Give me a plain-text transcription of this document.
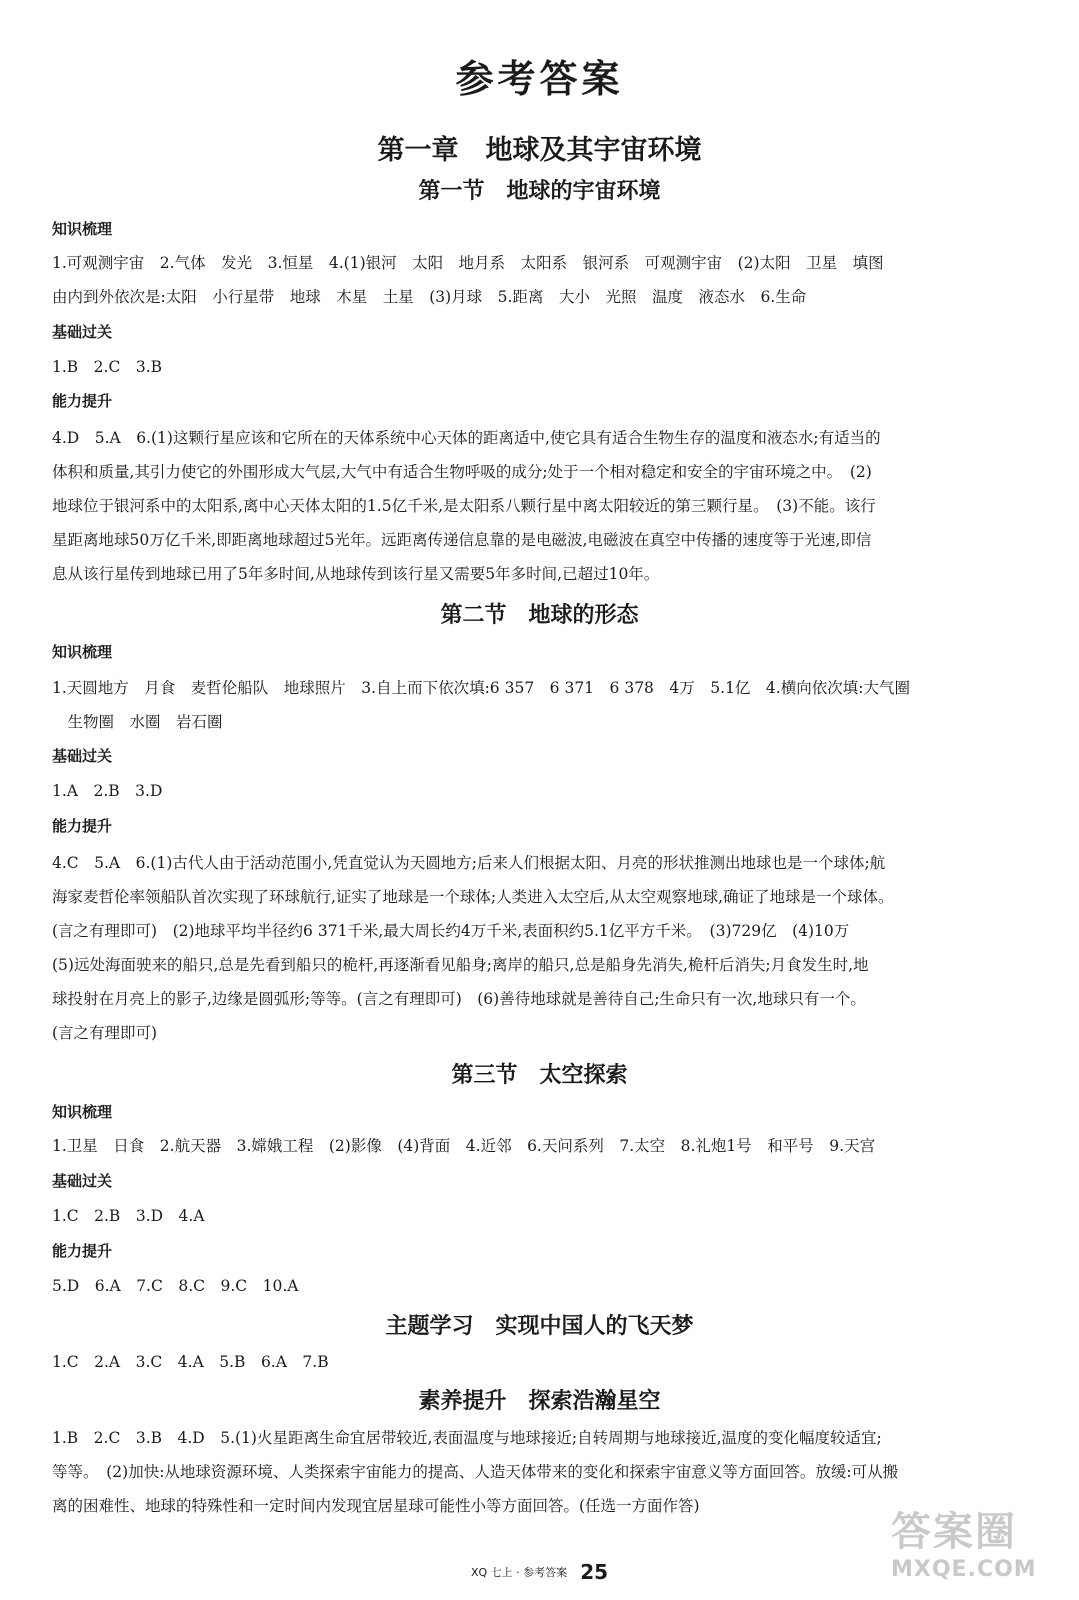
参考答案
第一章　地球及其宇宙环境
第一节　地球的宇宙环境
知识梳理
1.可观测宇宙　2.气体　发光　3.恒星　4.(1)银河　太阳　地月系　太阳系　银河系　可观测宇宙　(2)太阳　卫星　填图
由内到外依次是:太阳　小行星带　地球　木星　土星　(3)月球　5.距离　大小　光照　温度　液态水　6.生命
基础过关
1.B　2.C　3.B
能力提升
4.D　5.A　6.(1)这颗行星应该和它所在的天体系统中心天体的距离适中,使它具有适合生物生存的温度和液态水;有适当的
体积和质量,其引力使它的外围形成大气层,大气中有适合生物呼吸的成分;处于一个相对稳定和安全的宇宙环境之中。　(2)
地球位于银河系中的太阳系,离中心天体太阳的1.5亿千米,是太阳系八颗行星中离太阳较近的第三颗行星。　(3)不能。该行
星距离地球50万亿千米,即距离地球超过5光年。远距离传递信息靠的是电磁波,电磁波在真空中传播的速度等于光速,即信
息从该行星传到地球已用了5年多时间,从地球传到该行星又需要5年多时间,已超过10年。
第二节　地球的形态
知识梳理
1.天圆地方　月食　麦哲伦船队　地球照片　3.自上而下依次填:6 357　6 371　6 378　4万　5.1亿　4.横向依次填:大气圈
　生物圈　水圈　岩石圈
基础过关
1.A　2.B　3.D
能力提升
4.C　5.A　6.(1)古代人由于活动范围小,凭直觉认为天圆地方;后来人们根据太阳、月亮的形状推测出地球也是一个球体;航
海家麦哲伦率领船队首次实现了环球航行,证实了地球是一个球体;人类进入太空后,从太空观察地球,确证了地球是一个球体。
(言之有理即可)　(2)地球平均半径约6 371千米,最大周长约4万千米,表面积约5.1亿平方千米。　(3)729亿　(4)10万
(5)远处海面驶来的船只,总是先看到船只的桅杆,再逐渐看见船身;离岸的船只,总是船身先消失,桅杆后消失;月食发生时,地
球投射在月亮上的影子,边缘是圆弧形;等等。(言之有理即可)　(6)善待地球就是善待自己;生命只有一次,地球只有一个。
(言之有理即可)
第三节　太空探索
知识梳理
1.卫星　日食　2.航天器　3.嫦娥工程　(2)影像　(4)背面　4.近邻　6.天问系列　7.太空　8.礼炮1号　和平号　9.天宫
基础过关
1.C　2.B　3.D　4.A
能力提升
5.D　6.A　7.C　8.C　9.C　10.A
主题学习　实现中国人的飞天梦
1.C　2.A　3.C　4.A　5.B　6.A　7.B
素养提升　探索浩瀚星空
1.B　2.C　3.B　4.D　5.(1)火星距离生命宜居带较近,表面温度与地球接近;自转周期与地球接近,温度的变化幅度较适宜;
等等。　(2)加快:从地球资源环境、人类探索宇宙能力的提高、人造天体带来的变化和探索宇宙意义等方面回答。放缓:可从搬
离的困难性、地球的特殊性和一定时间内发现宜居星球可能性小等方面回答。(任选一方面作答)
XQ 七上 · 参考答案 25
答案圈
MXQE.COM
